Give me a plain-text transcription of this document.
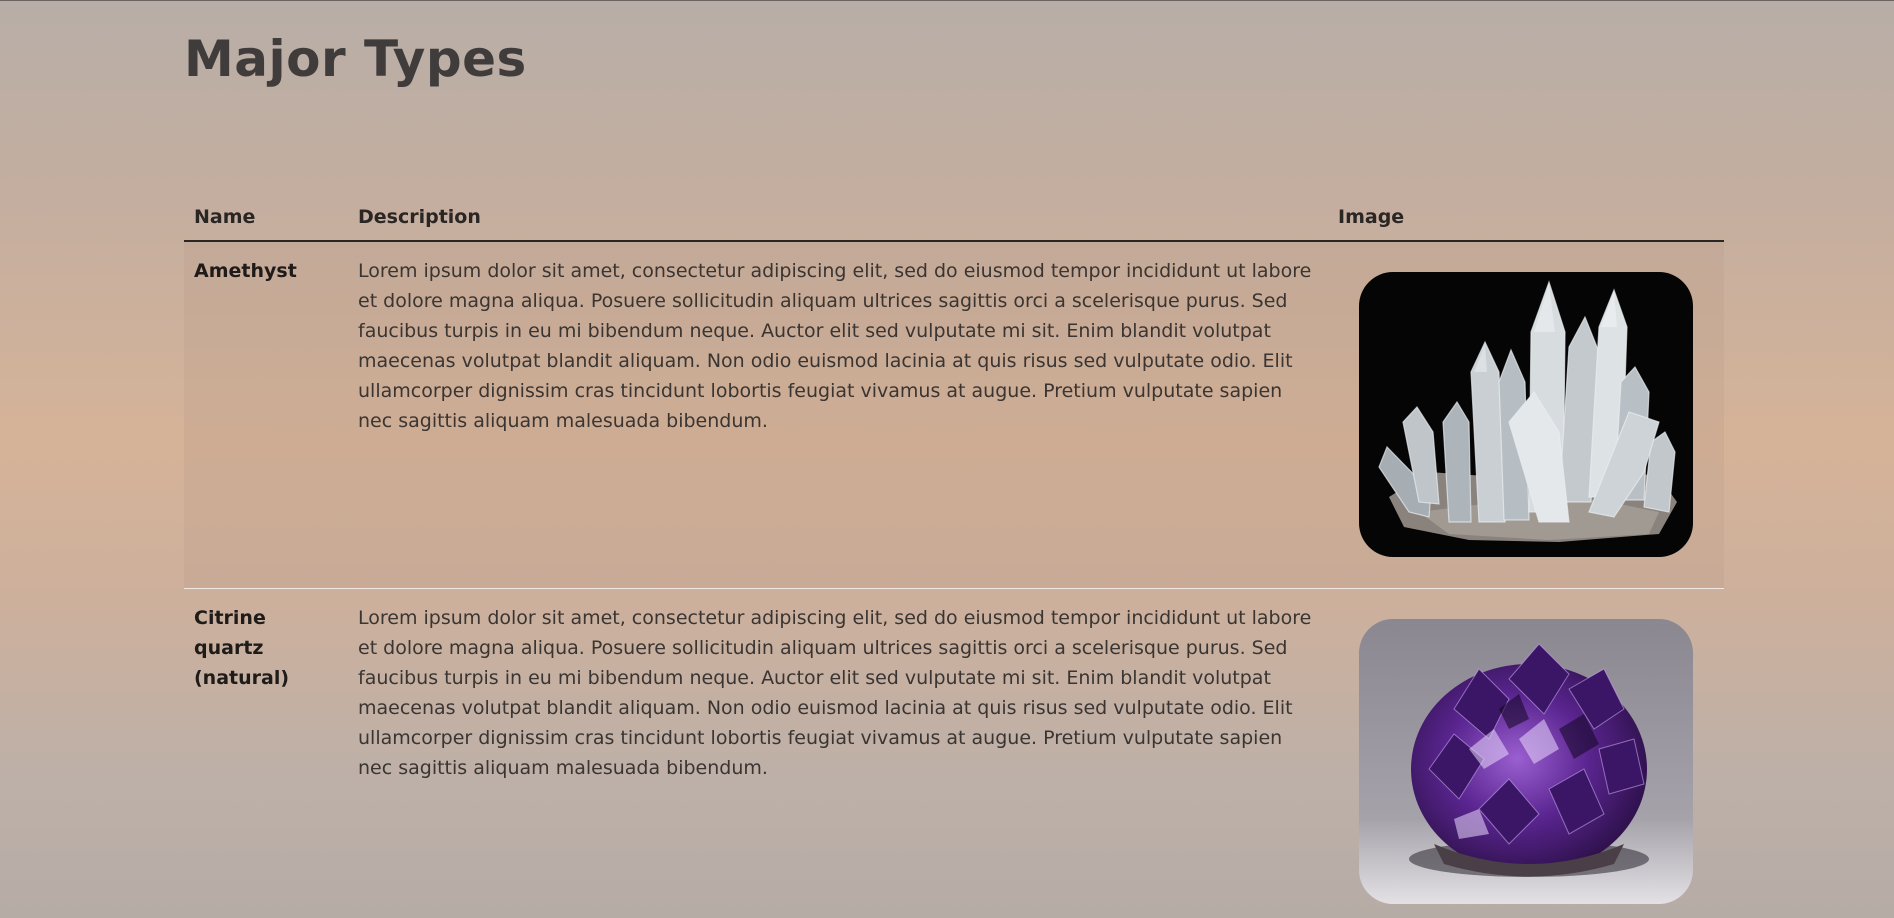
Major Types
Name	Description	Image
Amethyst	Lorem ipsum dolor sit amet, consectetur adipiscing elit, sed do eiusmod tempor incididunt ut labore et dolore magna aliqua. Posuere sollicitudin aliquam ultrices sagittis orci a scelerisque purus. Sed faucibus turpis in eu mi bibendum neque. Auctor elit sed vulputate mi sit. Enim blandit volutpat maecenas volutpat blandit aliquam. Non odio euismod lacinia at quis risus sed vulputate odio. Elit ullamcorper dignissim cras tincidunt lobortis feugiat vivamus at augue. Pretium vulputate sapien nec sagittis aliquam malesuada bibendum.	

Citrine quartz (natural)	Lorem ipsum dolor sit amet, consectetur adipiscing elit, sed do eiusmod tempor incididunt ut labore et dolore magna aliqua. Posuere sollicitudin aliquam ultrices sagittis orci a scelerisque purus. Sed faucibus turpis in eu mi bibendum neque. Auctor elit sed vulputate mi sit. Enim blandit volutpat maecenas volutpat blandit aliquam. Non odio euismod lacinia at quis risus sed vulputate odio. Elit ullamcorper dignissim cras tincidunt lobortis feugiat vivamus at augue. Pretium vulputate sapien nec sagittis aliquam malesuada bibendum.	
